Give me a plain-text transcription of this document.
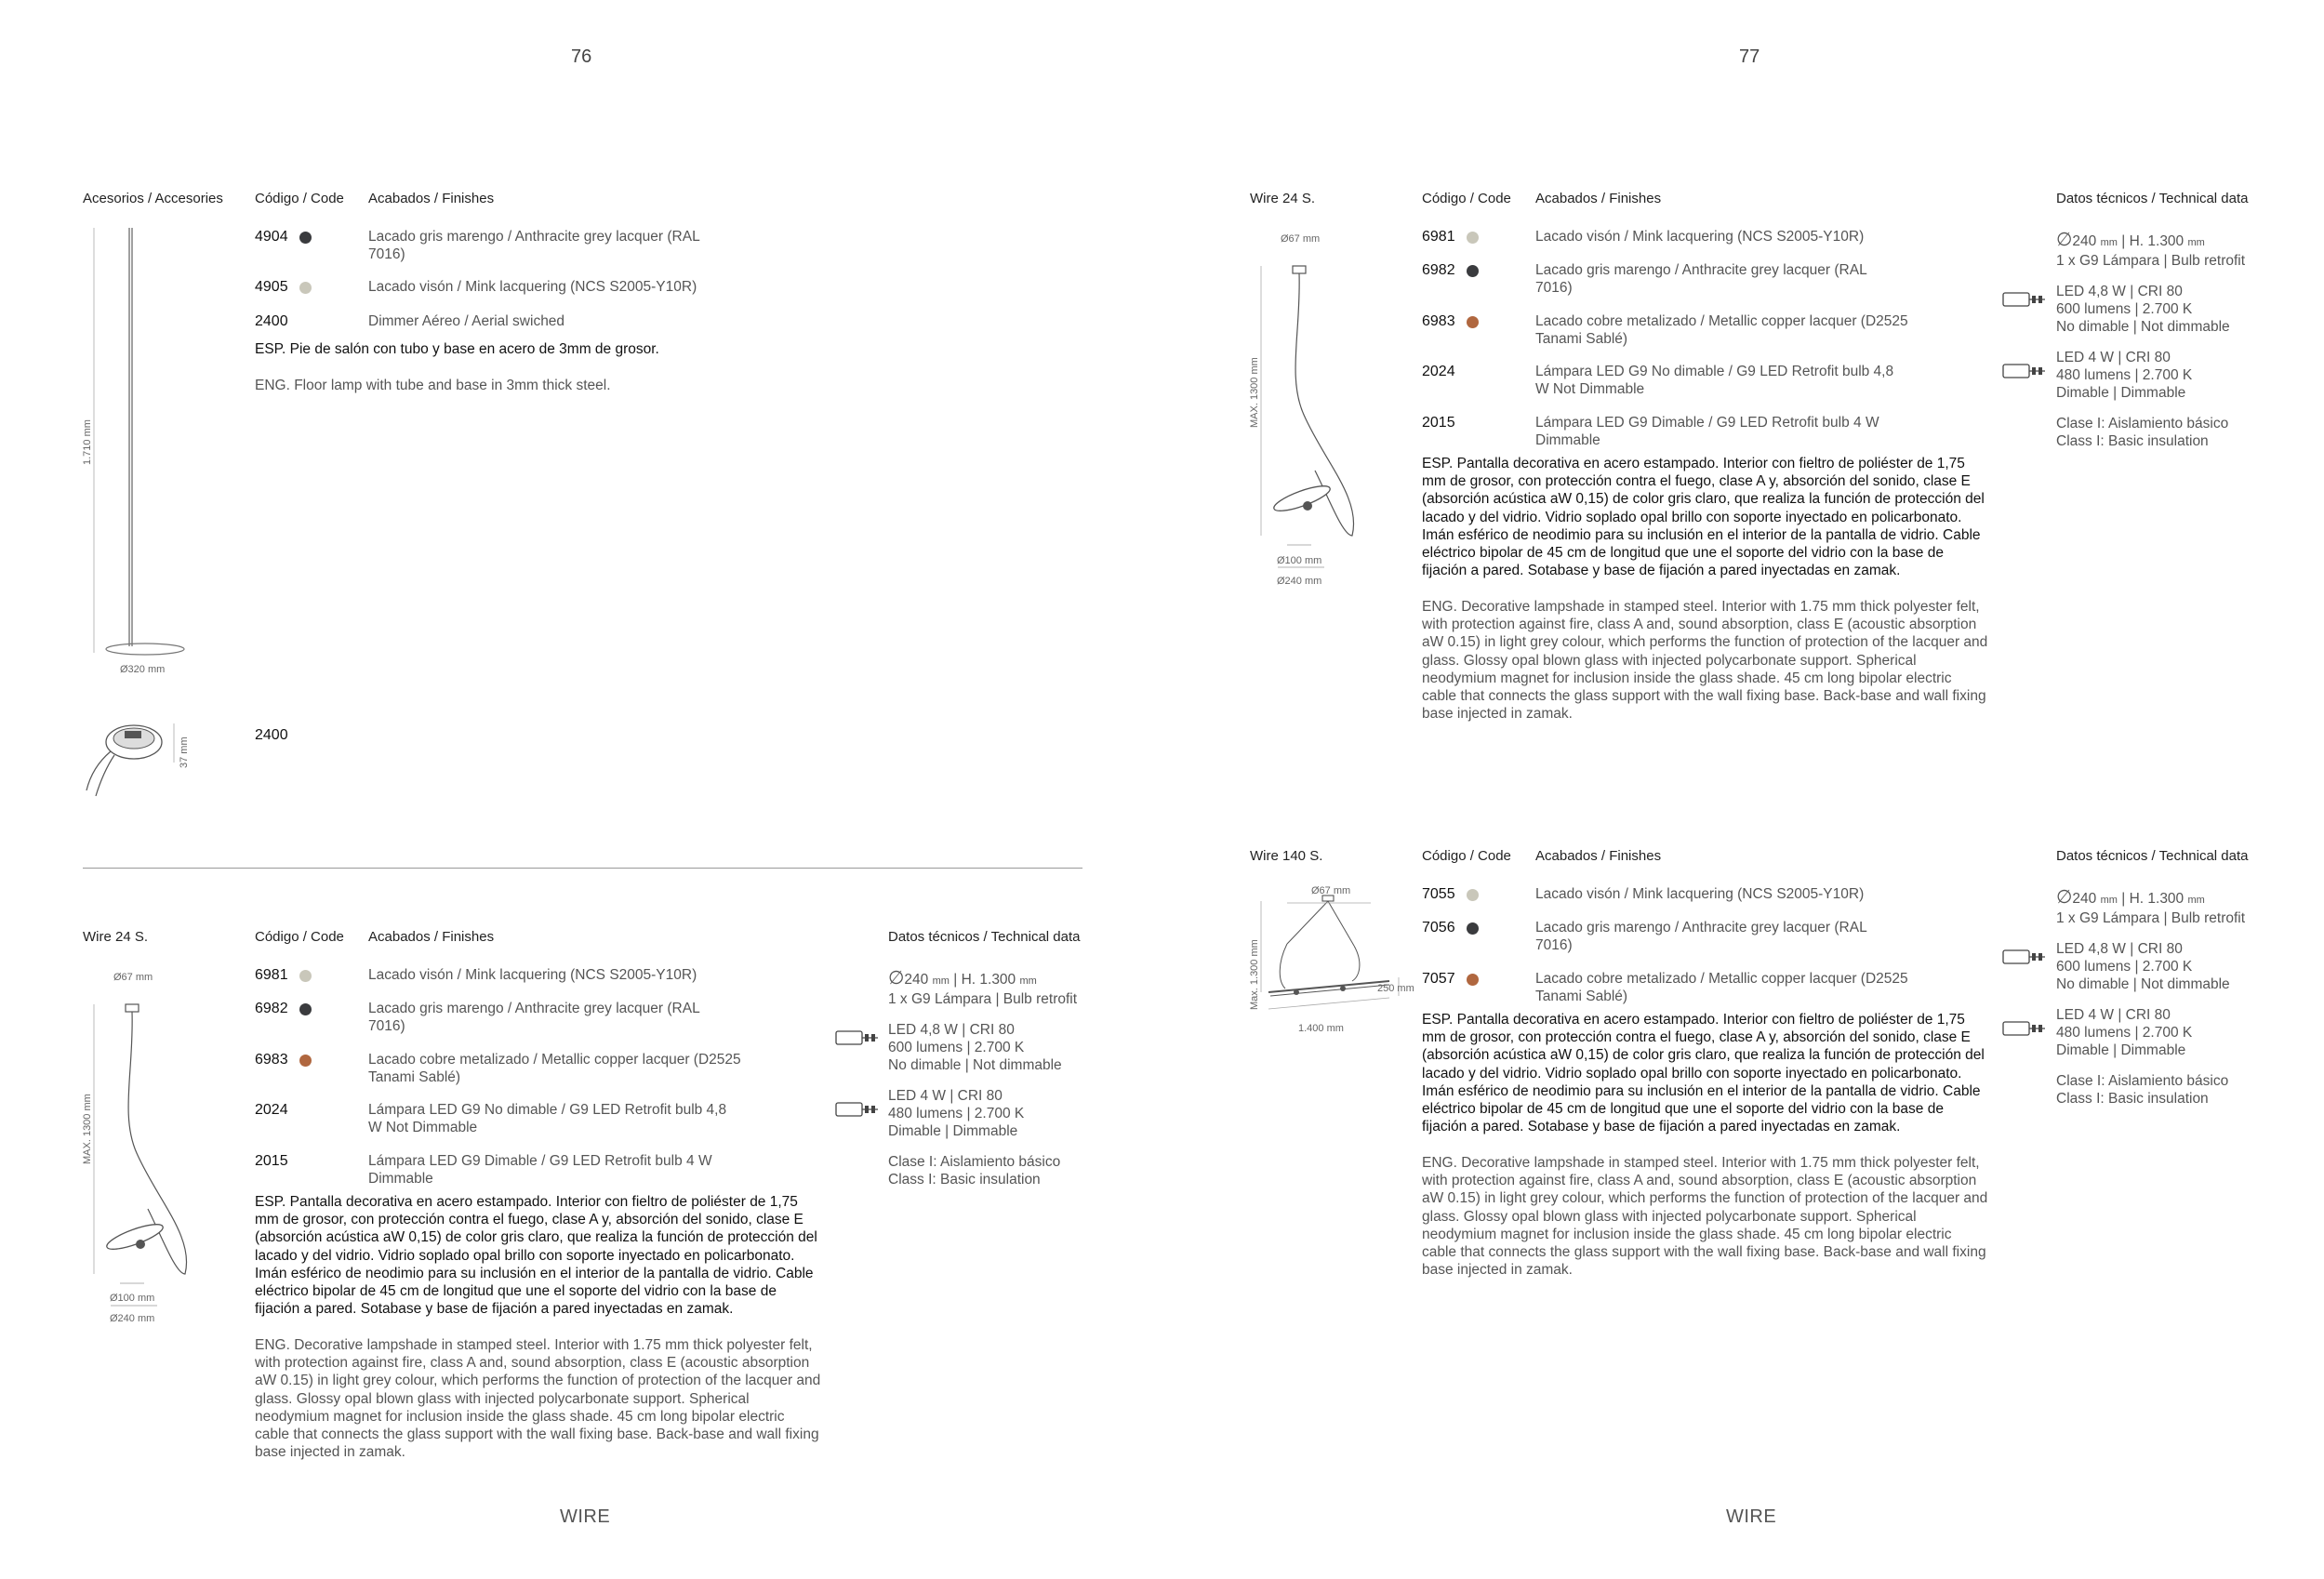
76	77
WIRE	WIRE
Acesorios / Accesories Código / Code Acabados / Finishes
4904	Lacado gris marengo / Anthracite grey lacquer (RAL 7016)
4905	Lacado visón / Mink lacquering (NCS S2005-Y10R)
2400	Dimmer Aéreo / Aerial swiched
ESP. Pie de salón con tubo y base en acero de 3mm de grosor.
ENG. Floor lamp with tube and base in 3mm thick steel.
1.710 mm
Ø320 mm
37 mm
2400
Wire 24 S.	Código / Code Acabados / Finishes	Datos técnicos / Technical data
6981	Lacado visón / Mink lacquering (NCS S2005-Y10R)
6982	Lacado gris marengo / Anthracite grey lacquer (RAL 7016)
6983	Lacado cobre metalizado / Metallic copper lacquer (D2525 Tanami Sablé)
2024	Lámpara LED G9 No dimable / G9 LED Retrofit bulb 4,8 W Not Dimmable
2015	Lámpara LED G9 Dimable / G9 LED Retrofit bulb 4 W Dimmable
ESP. Pantalla decorativa en acero estampado. Interior con fieltro de poliéster de 1,75 mm de grosor, con protección contra el fuego, clase A y, absorción del sonido, clase E (absorción acústica aW 0,15) de color gris claro, que realiza la función de protección del lacado y del vidrio. Vidrio soplado opal brillo con soporte inyectado en policarbonato. Imán esférico de neodimio para su inclusión en el interior de la pantalla de vidrio. Cable eléctrico bipolar de 45 cm de longitud que une el soporte del vidrio con la base de fijación a pared. Sotabase y base de fijación a pared inyectadas en zamak.
ENG. Decorative lampshade in stamped steel. Interior with 1.75 mm thick polyester felt, with protection against fire, class A and, sound absorption, class E (acoustic absorption aW 0.15) in light grey colour, which performs the function of protection of the lacquer and glass. Glossy opal blown glass with injected polycarbonate support. Spherical neodymium magnet for inclusion inside the glass shade. 45 cm long bipolar electric cable that connects the glass support with the wall fixing base. Back-base and wall fixing base injected in zamak.

∅240 mm | H. 1.300 mm

1 x G9 Lámpara | Bulb retrofit

LED 4,8 W | CRI 80

600 lumens | 2.700 K

No dimable | Not dimmable

LED 4 W | CRI 80

480 lumens | 2.700 K

Dimable | Dimmable

Clase I: Aislamiento básico

Class I: Basic insulation

Ø67 mm
MAX. 1300 mm
Ø100 mm
Ø240 mm
Wire 24 S.	Código / Code Acabados / Finishes	Datos técnicos / Technical data
6981	Lacado visón / Mink lacquering (NCS S2005-Y10R)
6982	Lacado gris marengo / Anthracite grey lacquer (RAL 7016)
6983	Lacado cobre metalizado / Metallic copper lacquer (D2525 Tanami Sablé)
2024	Lámpara LED G9 No dimable / G9 LED Retrofit bulb 4,8 W Not Dimmable
2015	Lámpara LED G9 Dimable / G9 LED Retrofit bulb 4 W Dimmable
ESP. Pantalla decorativa en acero estampado. Interior con fieltro de poliéster de 1,75 mm de grosor, con protección contra el fuego, clase A y, absorción del sonido, clase E (absorción acústica aW 0,15) de color gris claro, que realiza la función de protección del lacado y del vidrio. Vidrio soplado opal brillo con soporte inyectado en policarbonato. Imán esférico de neodimio para su inclusión en el interior de la pantalla de vidrio. Cable eléctrico bipolar de 45 cm de longitud que une el soporte del vidrio con la base de fijación a pared. Sotabase y base de fijación a pared inyectadas en zamak.
ENG. Decorative lampshade in stamped steel. Interior with 1.75 mm thick polyester felt, with protection against fire, class A and, sound absorption, class E (acoustic absorption aW 0.15) in light grey colour, which performs the function of protection of the lacquer and glass. Glossy opal blown glass with injected polycarbonate support. Spherical neodymium magnet for inclusion inside the glass shade. 45 cm long bipolar electric cable that connects the glass support with the wall fixing base. Back-base and wall fixing base injected in zamak.

∅240 mm | H. 1.300 mm

1 x G9 Lámpara | Bulb retrofit

LED 4,8 W | CRI 80

600 lumens | 2.700 K

No dimable | Not dimmable

LED 4 W | CRI 80

480 lumens | 2.700 K

Dimable | Dimmable

Clase I: Aislamiento básico

Class I: Basic insulation

Ø67 mm
MAX. 1300 mm
Ø100 mm
Ø240 mm
Wire 140 S.	Código / Code Acabados / Finishes	Datos técnicos / Technical data
7055	Lacado visón / Mink lacquering (NCS S2005-Y10R)
7056	Lacado gris marengo / Anthracite grey lacquer (RAL 7016)
7057	Lacado cobre metalizado / Metallic copper lacquer (D2525 Tanami Sablé)
ESP. Pantalla decorativa en acero estampado. Interior con fieltro de poliéster de 1,75 mm de grosor, con protección contra el fuego, clase A y, absorción del sonido, clase E (absorción acústica aW 0,15) de color gris claro, que realiza la función de protección del lacado y del vidrio. Vidrio soplado opal brillo con soporte inyectado en policarbonato. Imán esférico de neodimio para su inclusión en el interior de la pantalla de vidrio. Cable eléctrico bipolar de 45 cm de longitud que une el soporte del vidrio con la base de fijación a pared. Sotabase y base de fijación a pared inyectadas en zamak.
ENG. Decorative lampshade in stamped steel. Interior with 1.75 mm thick polyester felt, with protection against fire, class A and, sound absorption, class E (acoustic absorption aW 0.15) in light grey colour, which performs the function of protection of the lacquer and glass. Glossy opal blown glass with injected polycarbonate support. Spherical neodymium magnet for inclusion inside the glass shade. 45 cm long bipolar electric cable that connects the glass support with the wall fixing base. Back-base and wall fixing base injected in zamak.

∅240 mm | H. 1.300 mm

1 x G9 Lámpara | Bulb retrofit

LED 4,8 W | CRI 80

600 lumens | 2.700 K

No dimable | Not dimmable

LED 4 W | CRI 80

480 lumens | 2.700 K

Dimable | Dimmable

Clase I: Aislamiento básico

Class I: Basic insulation

Ø67 mm
Max. 1.300 mm	250 mm
1.400 mm
